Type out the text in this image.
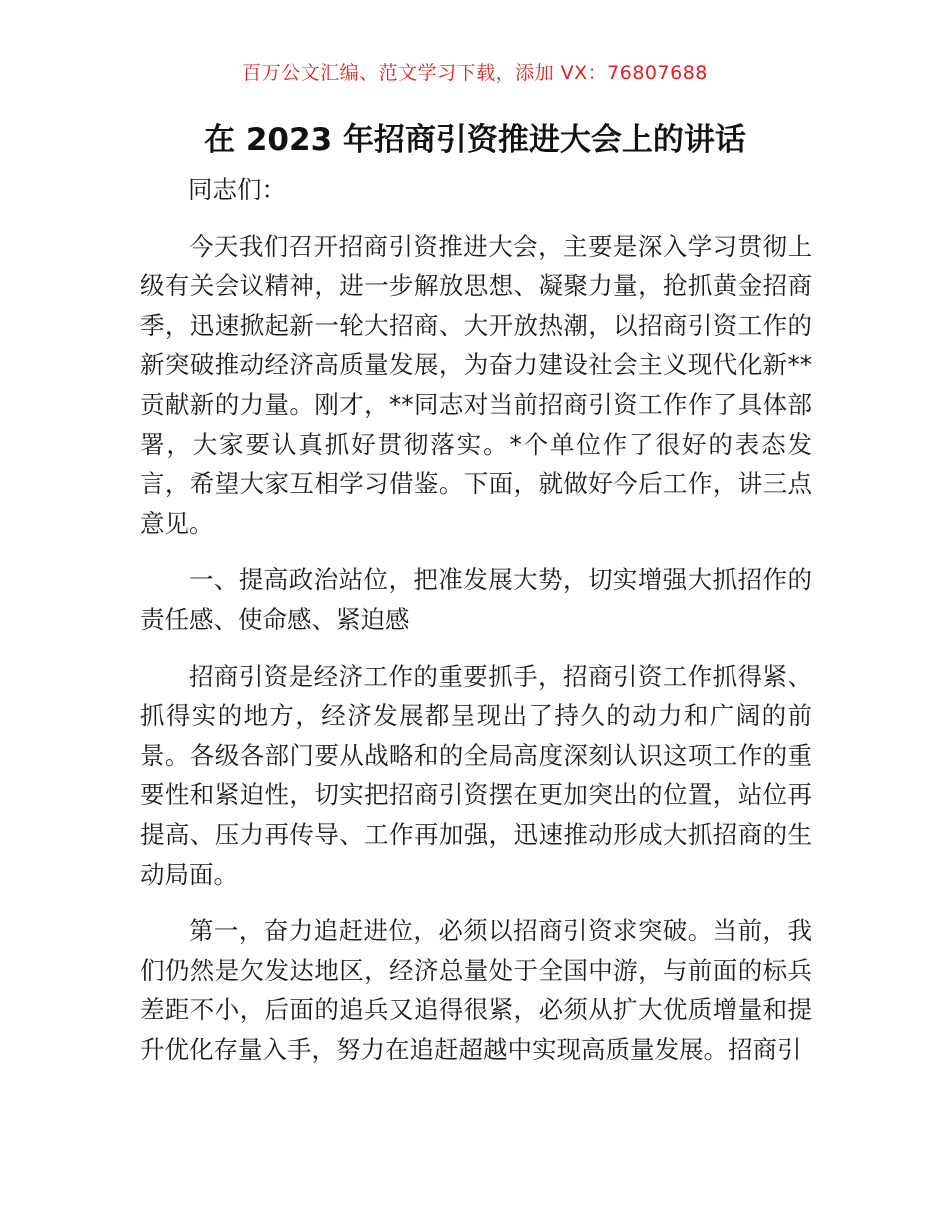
百万公文汇编、范文学习下载，添加 VX：76807688
在 2023 年招商引资推进大会上的讲话

同志们：

今天我们召开招商引资推进大会，主要是深入学习贯彻上级有关会议精神，进一步解放思想、凝聚力量，抢抓黄金招商季，迅速掀起新一轮大招商、大开放热潮，以招商引资工作的新突破推动经济高质量发展，为奋力建设社会主义现代化新**贡献新的力量。刚才，**同志对当前招商引资工作作了具体部署，大家要认真抓好贯彻落实。*个单位作了很好的表态发言，希望大家互相学习借鉴。下面，就做好今后工作，讲三点意见。

一、提高政治站位，把准发展大势，切实增强大抓招作的责任感、使命感、紧迫感

招商引资是经济工作的重要抓手，招商引资工作抓得紧、抓得实的地方，经济发展都呈现出了持久的动力和广阔的前景。各级各部门要从战略和的全局高度深刻认识这项工作的重要性和紧迫性，切实把招商引资摆在更加突出的位置，站位再提高、压力再传导、工作再加强，迅速推动形成大抓招商的生动局面。

第一，奋力追赶进位，必须以招商引资求突破。当前，我们仍然是欠发达地区，经济总量处于全国中游，与前面的标兵差距不小，后面的追兵又追得很紧，必须从扩大优质增量和提升优化存量入手，努力在追赶超越中实现高质量发展。招商引
